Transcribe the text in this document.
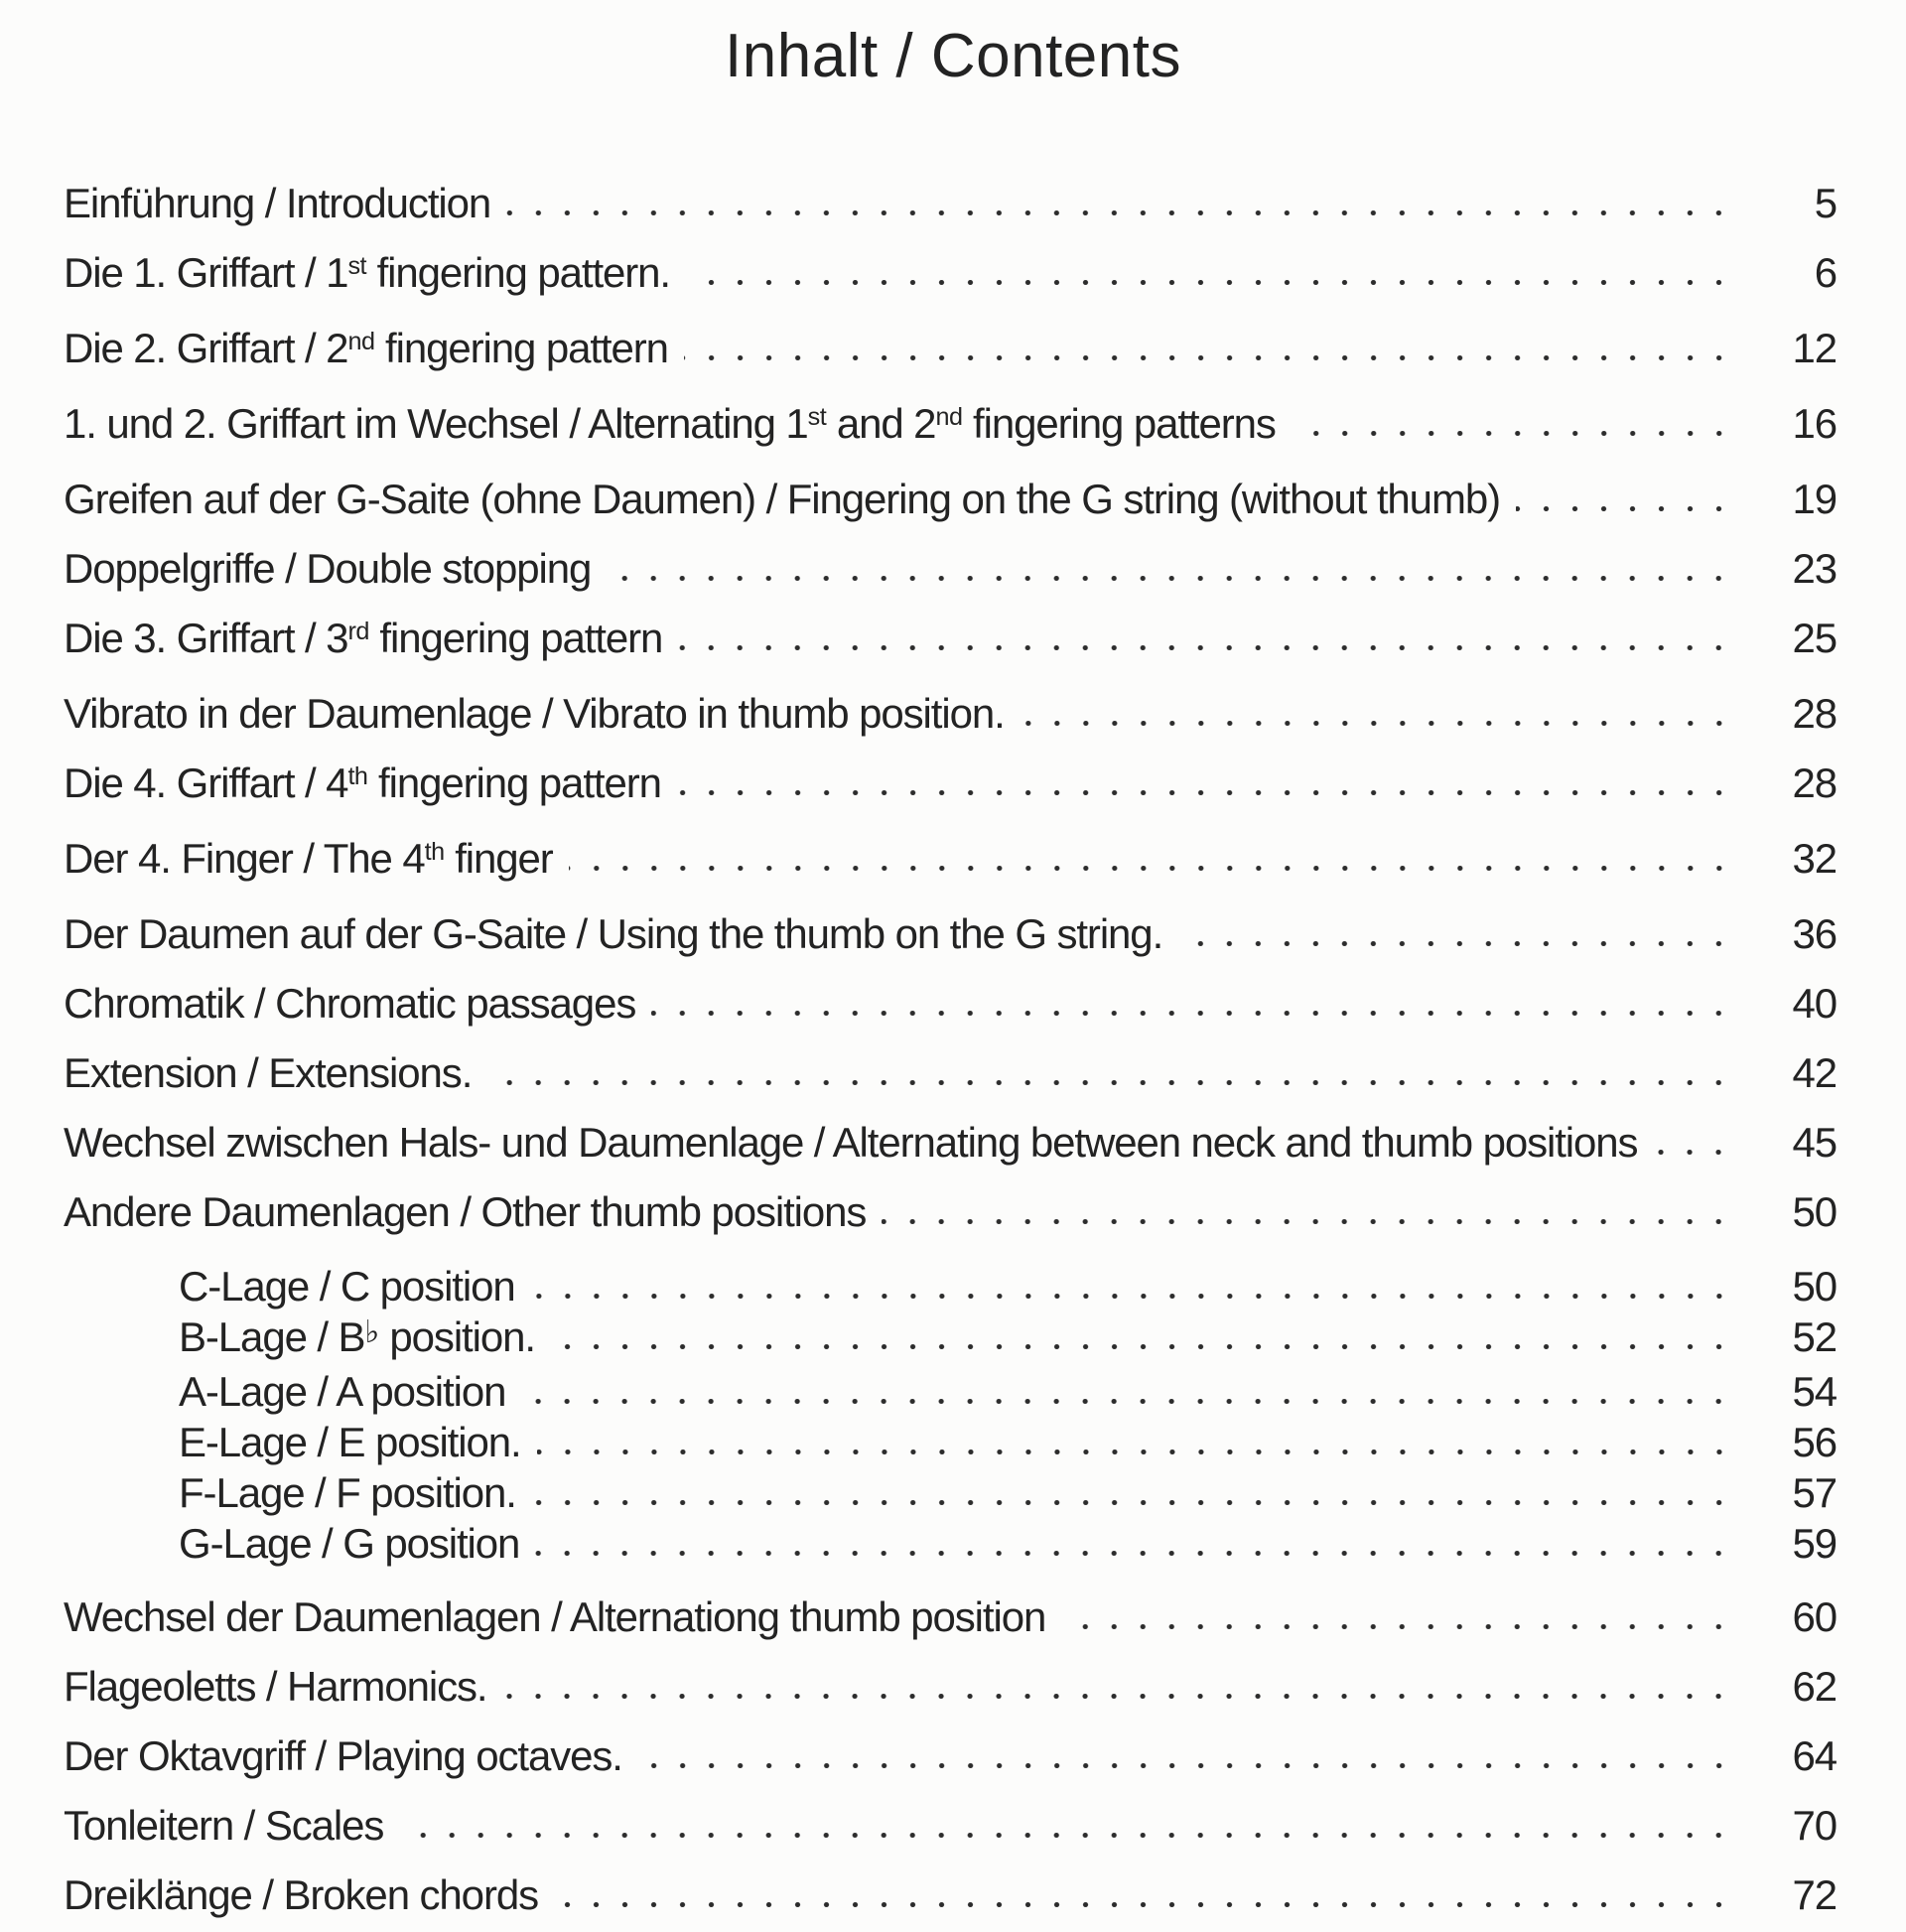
Inhalt / Contents
Einführung / Introduction	5
Die 1. Griffart / 1st fingering pattern.	6
Die 2. Griffart / 2nd fingering pattern	12
1. und 2. Griffart im Wechsel / Alternating 1st and 2nd fingering patterns	16
Greifen auf der G-Saite (ohne Daumen) / Fingering on the G string (without thumb)	19
Doppelgriffe / Double stopping	23
Die 3. Griffart / 3rd fingering pattern	25
Vibrato in der Daumenlage / Vibrato in thumb position.	28
Die 4. Griffart / 4th fingering pattern	28
Der 4. Finger / The 4th finger	32
Der Daumen auf der G-Saite / Using the thumb on the G string.	36
Chromatik / Chromatic passages	40
Extension / Extensions.	42
Wechsel zwischen Hals- und Daumenlage / Alternating between neck and thumb positions	45
Andere Daumenlagen / Other thumb positions	50
C-Lage / C position	50
B-Lage / B♭ position.	52
A-Lage / A position	54
E-Lage / E position.	56
F-Lage / F position.	57
G-Lage / G position	59
Wechsel der Daumenlagen / Alternationg thumb position	60
Flageoletts / Harmonics.	62
Der Oktavgriff / Playing octaves.	64
Tonleitern / Scales	70
Dreiklänge / Broken chords	72
